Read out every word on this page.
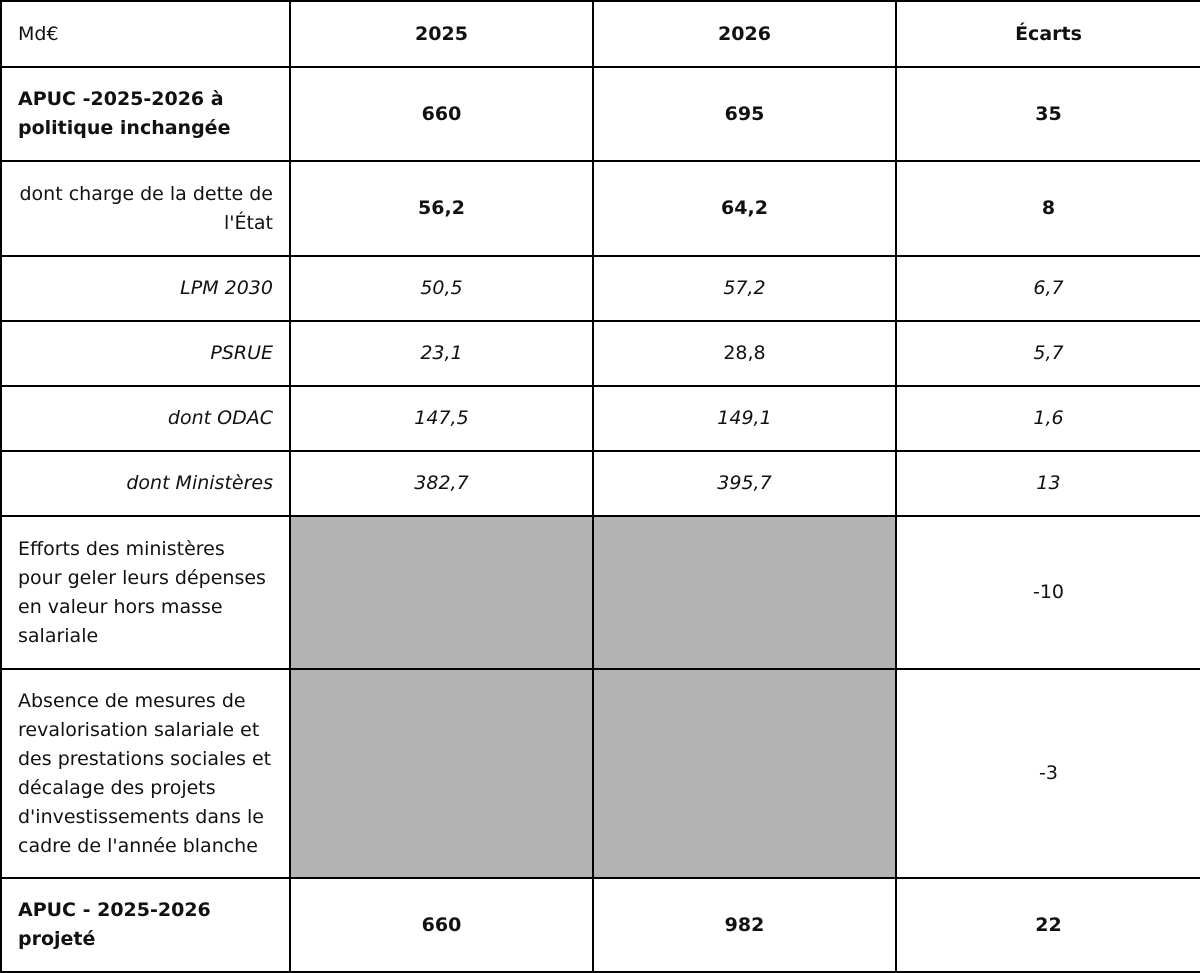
Md€	2025	2026	Écarts
APUC -2025-2026 à politique inchangée	660	695	35
dont charge de la dette de l'État	56,2	64,2	8
LPM 2030	50,5	57,2	6,7
PSRUE	23,1	28,8	5,7
dont ODAC	147,5	149,1	1,6
dont Ministères	382,7	395,7	13
Efforts des ministères pour geler leurs dépenses en valeur hors masse salariale			-10
Absence de mesures de revalorisation salariale et des prestations sociales et décalage des projets d'investissements dans le cadre de l'année blanche			-3
APUC - 2025-2026 projeté	660	982	22
